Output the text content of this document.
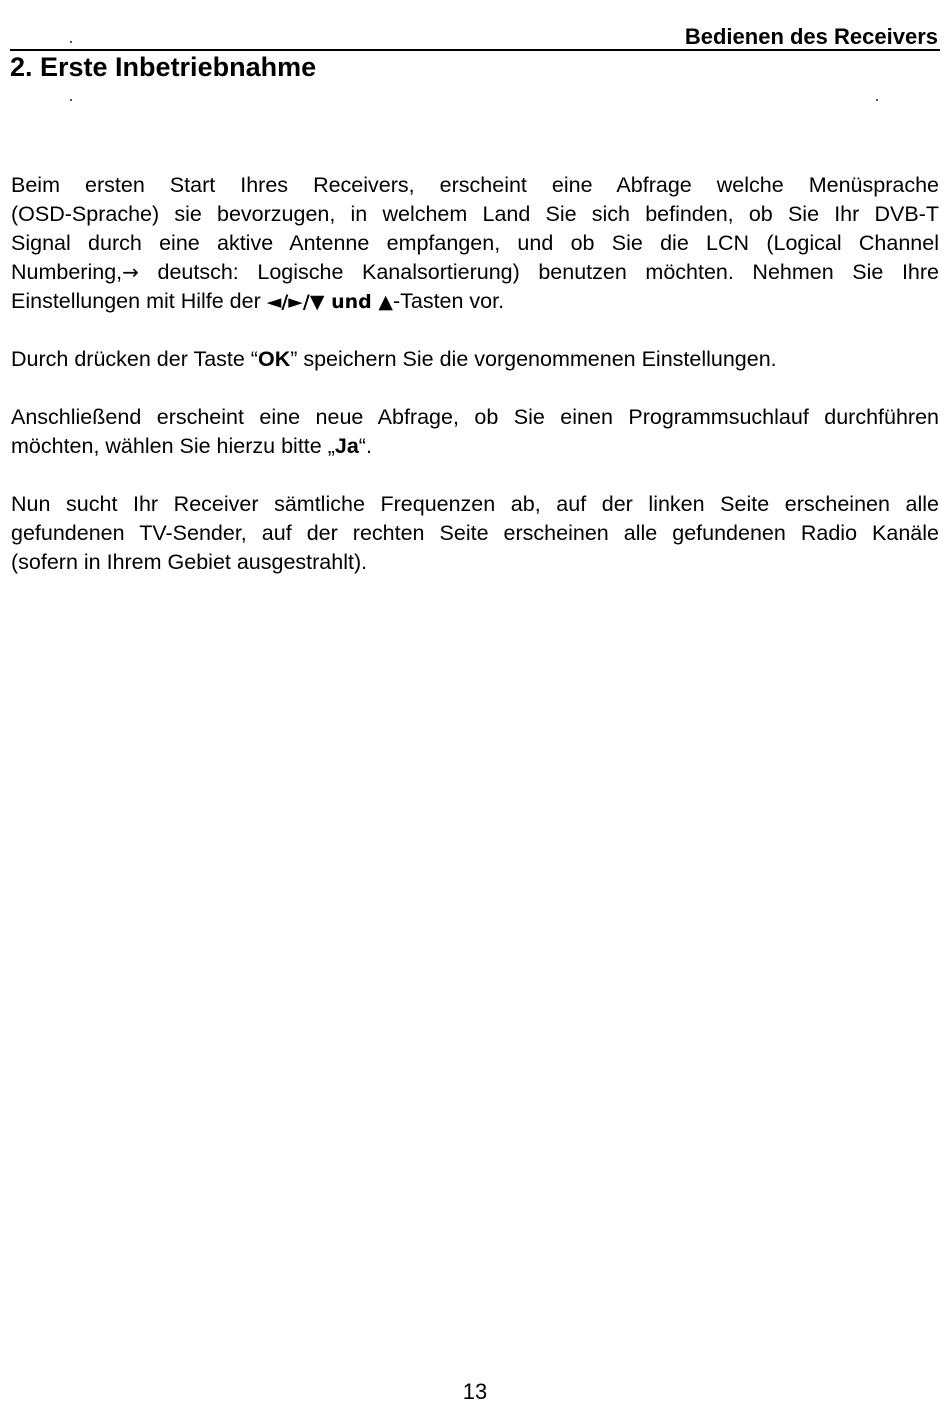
Bedienen des Receivers
2. Erste Inbetriebnahme
Beim ersten Start Ihres Receivers, erscheint eine Abfrage welche Menüsprache
(OSD-Sprache) sie bevorzugen, in welchem Land Sie sich befinden, ob Sie Ihr DVB-T
Signal durch eine aktive Antenne empfangen, und ob Sie die LCN (Logical Channel
Numbering,→ deutsch: Logische Kanalsortierung) benutzen möchten. Nehmen Sie Ihre
Einstellungen mit Hilfe der ◄/►/▼ und ▲-Tasten vor.
Durch drücken der Taste “OK” speichern Sie die vorgenommenen Einstellungen.
Anschließend erscheint eine neue Abfrage, ob Sie einen Programmsuchlauf durchführen
möchten, wählen Sie hierzu bitte „Ja“.
Nun sucht Ihr Receiver sämtliche Frequenzen ab, auf der linken Seite erscheinen alle
gefundenen TV-Sender, auf der rechten Seite erscheinen alle gefundenen Radio Kanäle
(sofern in Ihrem Gebiet ausgestrahlt).
13
